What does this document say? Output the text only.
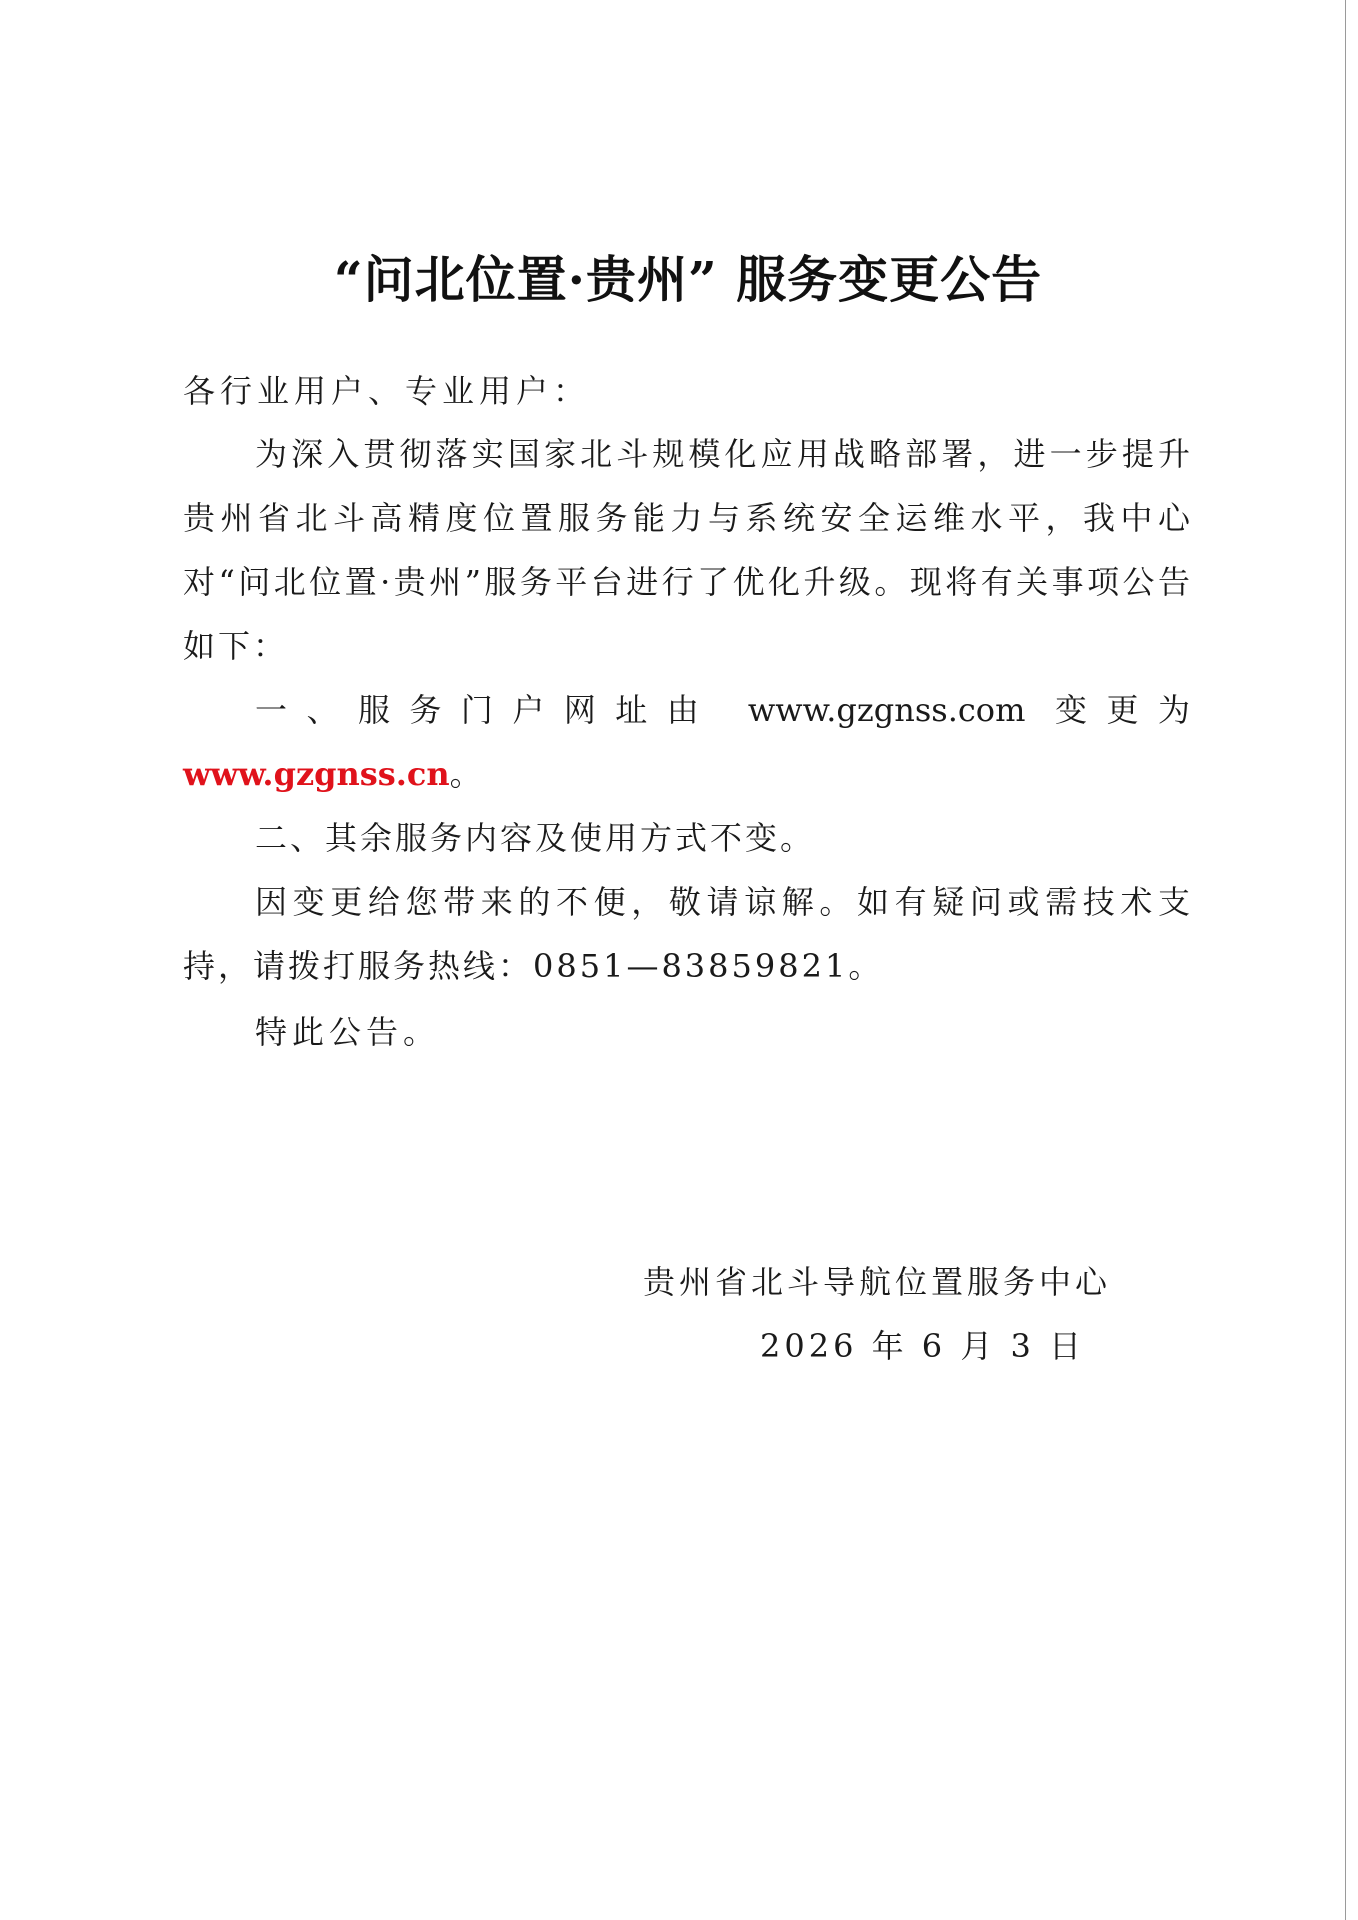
“问北位置·贵州” 服务变更公告
各行业用户、专业用户：

为深入贯彻落实国家北斗规模化应用战略部署，进一步提升贵州省北斗高精度位置服务能力与系统安全运维水平，我中心对“问北位置·贵州”服务平台进行了优化升级。现将有关事项公告如下：

一、服务门户网址由 www.gzgnss.com 变更为 www.gzgnss.cn。

二、其余服务内容及使用方式不变。

因变更给您带来的不便，敬请谅解。如有疑问或需技术支持，请拨打服务热线：0851—83859821。

特此公告。
贵州省北斗导航位置服务中心
2026 年 6 月 3 日
